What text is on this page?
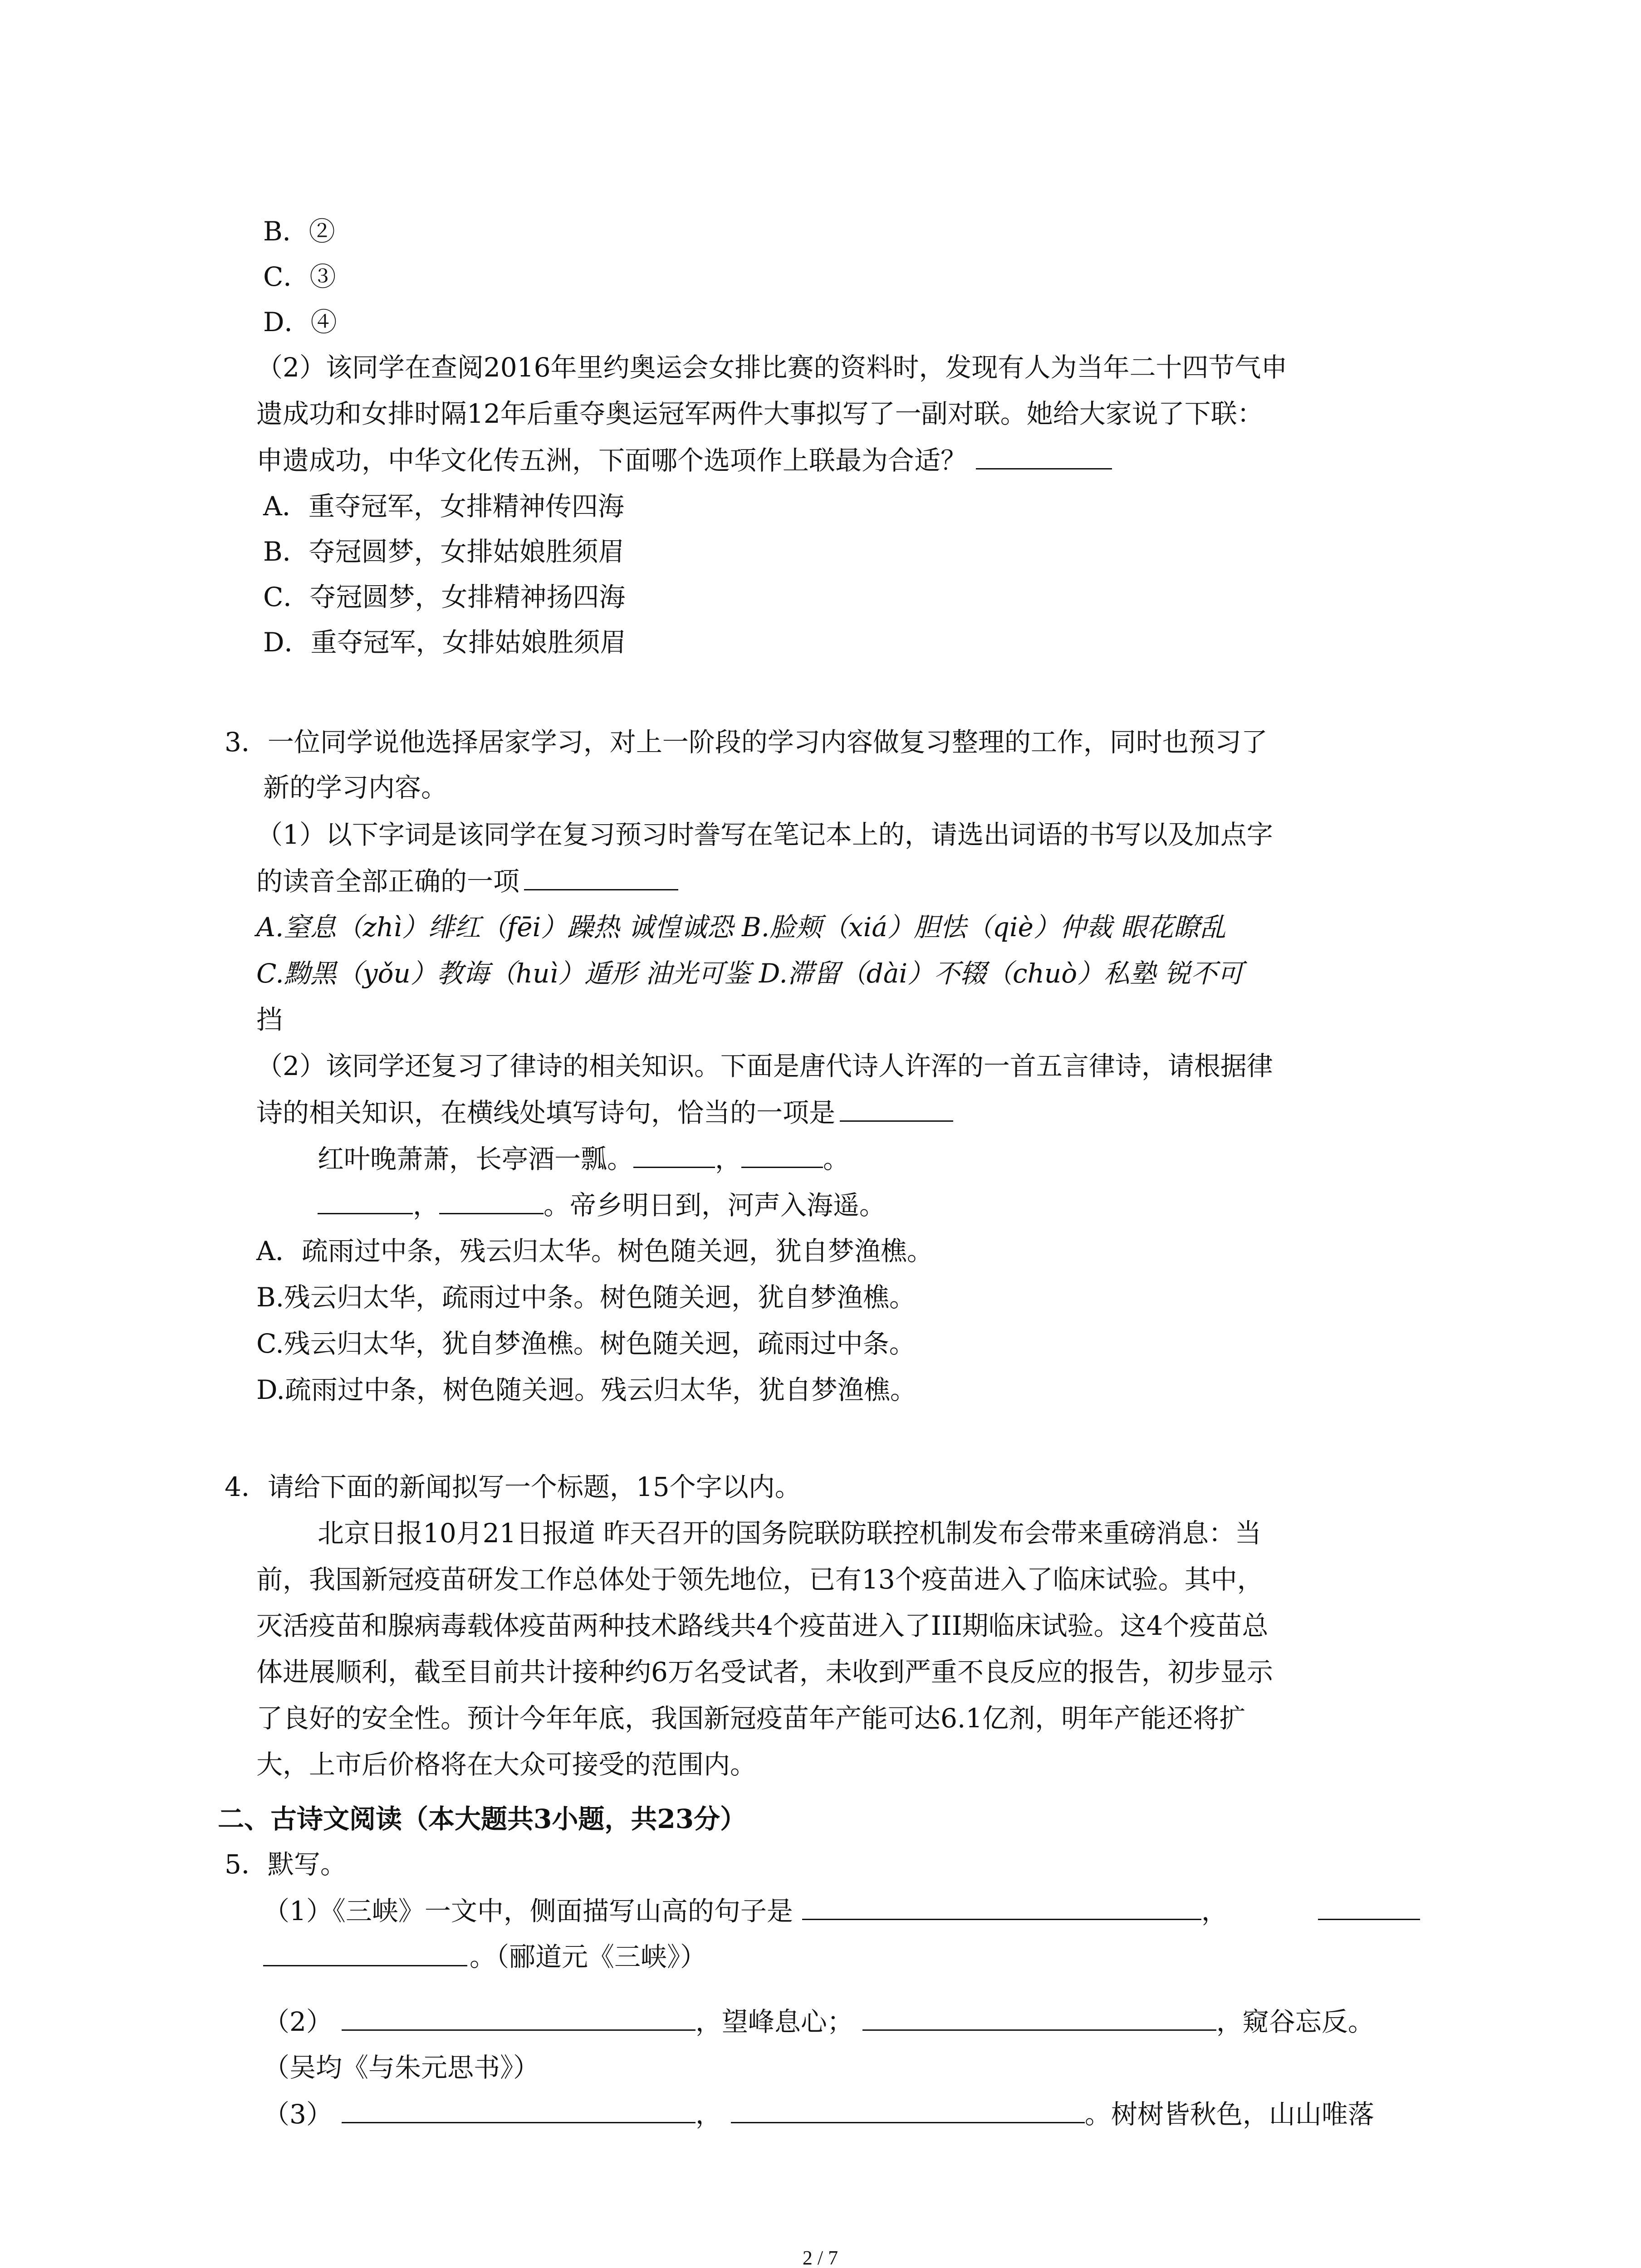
B．②
C．③
D．④
（2）该同学在查阅2016年里约奥运会女排比赛的资料时，发现有人为当年二十四节气申
遗成功和女排时隔12年后重夺奥运冠军两件大事拟写了一副对联。她给大家说了下联：
申遗成功，中华文化传五洲，下面哪个选项作上联最为合适？
A．重夺冠军，女排精神传四海
B．夺冠圆梦，女排姑娘胜须眉
C．夺冠圆梦，女排精神扬四海
D．重夺冠军，女排姑娘胜须眉
3．一位同学说他选择居家学习，对上一阶段的学习内容做复习整理的工作，同时也预习了
新的学习内容。
（1）以下字词是该同学在复习预习时誊写在笔记本上的，请选出词语的书写以及加点字
的读音全部正确的一项
A.窒息（zhì）绯红（fēi）躁热 诚惶诚恐 B.脸颊（xiá）胆怯（qiè）仲裁 眼花瞭乱
C.黝黑（yǒu）教诲（huì）遁形 油光可鉴 D.滞留（dài）不辍（chuò）私塾 锐不可
挡
（2）该同学还复习了律诗的相关知识。下面是唐代诗人许浑的一首五言律诗，请根据律
诗的相关知识，在横线处填写诗句，恰当的一项是
红叶晚萧萧，长亭酒一瓢。	，	。
，	。帝乡明日到，河声入海遥。
A．疏雨过中条，残云归太华。树色随关迥，犹自梦渔樵。
B.残云归太华，疏雨过中条。树色随关迥，犹自梦渔樵。
C.残云归太华，犹自梦渔樵。树色随关迥，疏雨过中条。
D.疏雨过中条，树色随关迥。残云归太华，犹自梦渔樵。
4．请给下面的新闻拟写一个标题，15个字以内。
北京日报10月21日报道 昨天召开的国务院联防联控机制发布会带来重磅消息：当
前，我国新冠疫苗研发工作总体处于领先地位，已有13个疫苗进入了临床试验。其中，
灭活疫苗和腺病毒载体疫苗两种技术路线共4个疫苗进入了III期临床试验。这4个疫苗总
体进展顺利，截至目前共计接种约6万名受试者，未收到严重不良反应的报告，初步显示
了良好的安全性。预计今年年底，我国新冠疫苗年产能可达6.1亿剂，明年产能还将扩
大，上市后价格将在大众可接受的范围内。
二、古诗文阅读（本大题共3小题，共23分）
5．默写。
（1）《三峡》一文中，侧面描写山高的句子是	，
。（郦道元《三峡》）
（2）	，望峰息心；	，窥谷忘反。
（吴均《与朱元思书》）
（3）	，	。树树皆秋色，山山唯落
2 / 7
